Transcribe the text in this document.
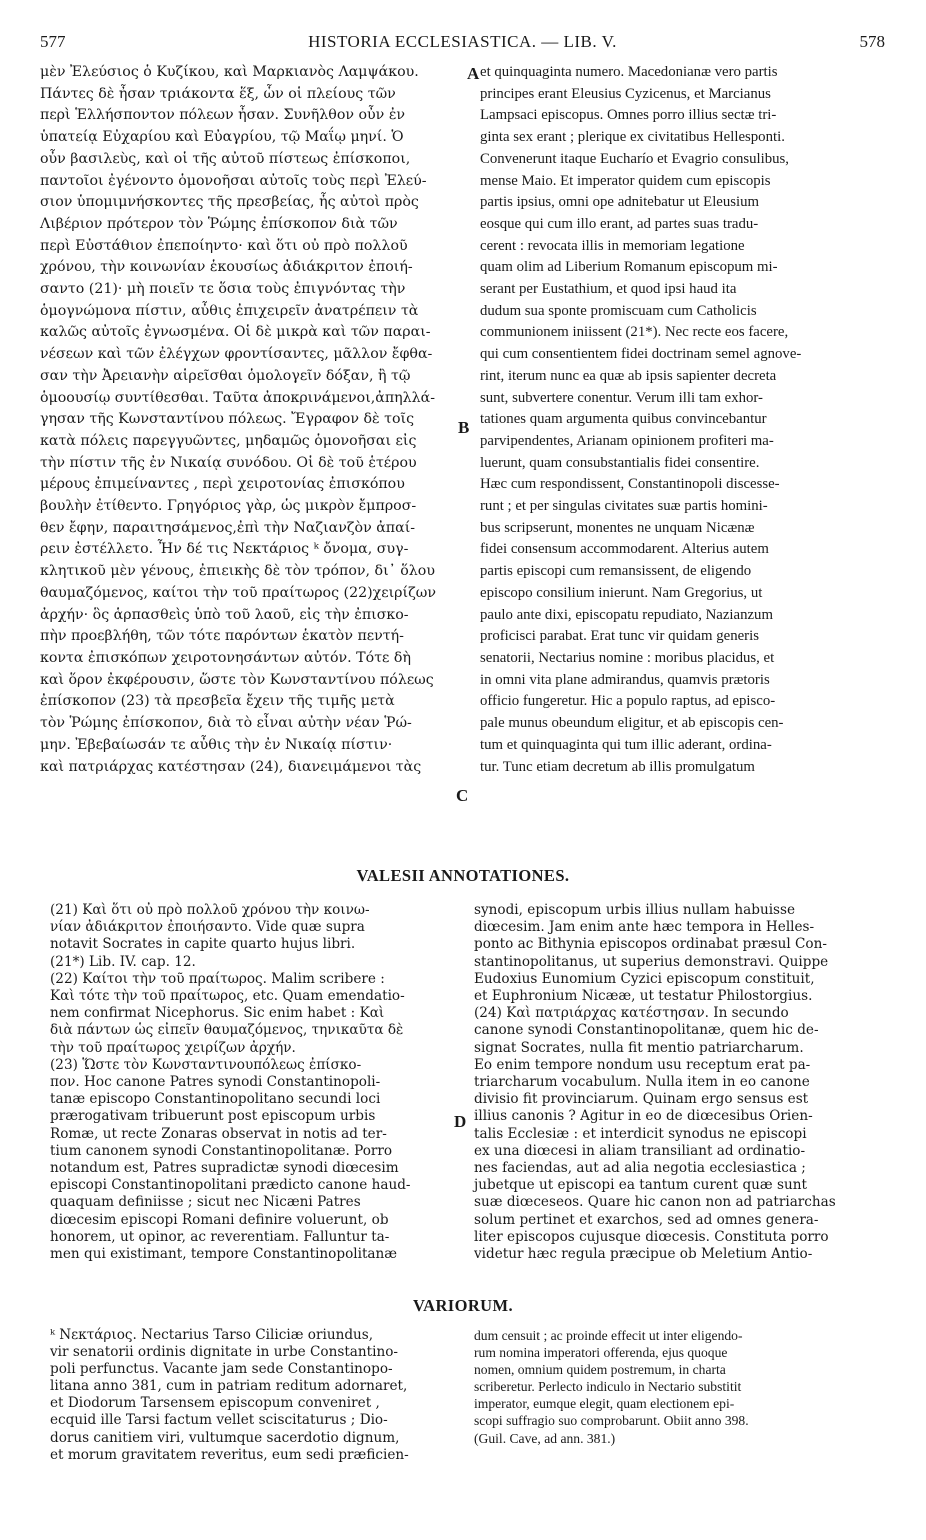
577	HISTORIA ECCLESIASTICA. — LIB. V.	578

μὲν Ἐλεύσιος ὁ Κυζίκου, καὶ Μαρκιανὸς Λαμψάκου.
Πάντες δὲ ἦσαν τριάκοντα ἕξ, ὧν οἱ πλείους τῶν
περὶ Ἑλλήσποντον πόλεων ἦσαν. Συνῆλθον οὖν ἐν
ὑπατείᾳ Εὐχαρίου καὶ Εὐαγρίου, τῷ Μαΐῳ μηνί. Ὁ
οὖν βασιλεὺς, καὶ οἱ τῆς αὐτοῦ πίστεως ἐπίσκοποι,
παντοῖοι ἐγένοντο ὁμονοῆσαι αὐτοῖς τοὺς περὶ Ἐλεύ-
σιον ὑπομιμνήσκοντες τῆς πρεσβείας, ἧς αὐτοὶ πρὸς
Λιβέριον πρότερον τὸν Ῥώμης ἐπίσκοπον διὰ τῶν
περὶ Εὐστάθιον ἐπεποίηντο· καὶ ὅτι οὐ πρὸ πολλοῦ
χρόνου, τὴν κοινωνίαν ἑκουσίως ἀδιάκριτον ἐποιή-
σαντο (21)· μὴ ποιεῖν τε ὅσια τοὺς ἐπιγνόντας τὴν
ὁμογνώμονα πίστιν, αὖθις ἐπιχειρεῖν ἀνατρέπειν τὰ
καλῶς αὐτοῖς ἐγνωσμένα. Οἱ δὲ μικρὰ καὶ τῶν παραι-
νέσεων καὶ τῶν ἐλέγχων φροντίσαντες, μᾶλλον ἔφθα-
σαν τὴν Ἀρειανὴν αἱρεῖσθαι ὁμολογεῖν δόξαν, ἢ τῷ
ὁμοουσίῳ συντίθεσθαι. Ταῦτα ἀποκρινάμενοι,ἀπηλλά-
γησαν τῆς Κωνσταντίνου πόλεως. Ἔγραφον δὲ τοῖς
κατὰ πόλεις παρεγγυῶντες, μηδαμῶς ὁμονοῆσαι εἰς
τὴν πίστιν τῆς ἐν Νικαίᾳ συνόδου. Οἱ δὲ τοῦ ἑτέρου
μέρους ἐπιμείναντες , περὶ χειροτονίας ἐπισκόπου
βουλὴν ἐτίθεντο. Γρηγόριος γὰρ, ὡς μικρὸν ἔμπροσ-
θεν ἔφην, παραιτησάμενος,ἐπὶ τὴν Ναζιανζὸν ἀπαί-
ρειν ἐστέλλετο. Ἦν δέ τις Νεκτάριος ᵏ ὄνομα, συγ-
κλητικοῦ μὲν γένους, ἐπιεικὴς δὲ τὸν τρόπον, δι᾽ ὅλου
θαυμαζόμενος, καίτοι τὴν τοῦ πραίτωρος (22)χειρίζων
ἀρχήν· ὃς ἁρπασθεὶς ὑπὸ τοῦ λαοῦ, εἰς τὴν ἐπισκο-
πὴν προεβλήθη, τῶν τότε παρόντων ἑκατὸν πεντή-
κοντα ἐπισκόπων χειροτονησάντων αὐτόν. Τότε δὴ
καὶ ὅρον ἐκφέρουσιν, ὥστε τὸν Κωνσταντίνου πόλεως
ἐπίσκοπον (23) τὰ πρεσβεῖα ἔχειν τῆς τιμῆς μετὰ
τὸν Ῥώμης ἐπίσκοπον, διὰ τὸ εἶναι αὐτὴν νέαν Ῥώ-
μην. Ἐβεβαίωσάν τε αὖθις τὴν ἐν Νικαίᾳ πίστιν·
καὶ πατριάρχας κατέστησαν (24), διανειμάμενοι τὰς

et quinquaginta numero. Macedonianæ vero partis
principes erant Eleusius Cyzicenus, et Marcianus
Lampsaci episcopus. Omnes porro illius sectæ tri-
ginta sex erant ; plerique ex civitatibus Hellesponti.
Convenerunt itaque Eucharío et Evagrio consulibus,
mense Maio. Et imperator quidem cum episcopis
partis ipsius, omni ope adnitebatur ut Eleusium
eosque qui cum illo erant, ad partes suas tradu-
cerent : revocata illis in memoriam legatione
quam olim ad Liberium Romanum episcopum mi-
serant per Eustathium, et quod ipsi haud ita
dudum sua sponte promiscuam cum Catholicis
communionem iniissent (21*). Nec recte eos facere,
qui cum consentientem fidei doctrinam semel agnove-
rint, iterum nunc ea quæ ab ipsis sapienter decreta
sunt, subvertere conentur. Verum illi tam exhor-
tationes quam argumenta quibus convincebantur
parvipendentes, Arianam opinionem profiteri ma-
luerunt, quam consubstantialis fidei consentire.
Hæc cum respondissent, Constantinopoli discesse-
runt ; et per singulas civitates suæ partis homini-
bus scripserunt, monentes ne unquam Nicænæ
fidei consensum accommodarent. Alterius autem
partis episcopi cum remansissent, de eligendo
episcopo consilium inierunt. Nam Gregorius, ut
paulo ante dixi, episcopatu repudiato, Nazianzum
proficisci parabat. Erat tunc vir quidam generis
senatorii, Nectarius nomine : moribus placidus, et
in omni vita plane admirandus, quamvis prætoris
officio fungeretur. Hic a populo raptus, ad episco-
pale munus obeundum eligitur, et ab episcopis cen-
tum et quinquaginta qui tum illic aderant, ordina-
tur. Tunc etiam decretum ab illis promulgatum

A
B
C
D
VALESII ANNOTATIONES.

(21) Καὶ ὅτι οὐ πρὸ πολλοῦ χρόνου τὴν κοινω-
νίαν ἀδιάκριτον ἐποιήσαντο. Vide quæ supra
notavit Socrates in capite quarto hujus libri.
(21*) Lib. IV. cap. 12.
(22) Καίτοι τὴν τοῦ πραίτωρος. Malim scribere :
Καὶ τότε τὴν τοῦ πραίτωρος, etc. Quam emendatio-
nem confirmat Nicephorus. Sic enim habet : Καὶ
διὰ πάντων ὡς εἰπεῖν θαυμαζόμενος, τηνικαῦτα δὲ
τὴν τοῦ πραίτωρος χειρίζων ἀρχήν.
(23) Ὥστε τὸν Κωνσταντινουπόλεως ἐπίσκο-
πον. Hoc canone Patres synodi Constantinopoli-
tanæ episcopo Constantinopolitano secundi loci
prærogativam tribuerunt post episcopum urbis
Romæ, ut recte Zonaras observat in notis ad ter-
tium canonem synodi Constantinopolitanæ. Porro
notandum est, Patres supradictæ synodi diœcesim
episcopi Constantinopolitani prædicto canone haud-
quaquam definiisse ; sicut nec Nicæni Patres
diœcesim episcopi Romani definire voluerunt, ob
honorem, ut opinor, ac reverentiam. Falluntur ta-
men qui existimant, tempore Constantinopolitanæ

synodi, episcopum urbis illius nullam habuisse
diœcesim. Jam enim ante hæc tempora in Helles-
ponto ac Bithynia episcopos ordinabat præsul Con-
stantinopolitanus, ut superius demonstravi. Quippe
Eudoxius Eunomium Cyzici episcopum constituit,
et Euphronium Nicææ, ut testatur Philostorgius.
(24) Καὶ πατριάρχας κατέστησαν. In secundo
canone synodi Constantinopolitanæ, quem hic de-
signat Socrates, nulla fit mentio patriarcharum.
Eo enim tempore nondum usu receptum erat pa-
triarcharum vocabulum. Nulla item in eo canone
divisio fit provinciarum. Quinam ergo sensus est
illius canonis ? Agitur in eo de diœcesibus Orien-
talis Ecclesiæ : et interdicit synodus ne episcopi
ex una diœcesi in aliam transiliant ad ordinatio-
nes faciendas, aut ad alia negotia ecclesiastica ;
jubetque ut episcopi ea tantum curent quæ sunt
suæ diœceseos. Quare hic canon non ad patriarchas
solum pertinet et exarchos, sed ad omnes genera-
liter episcopos cujusque diœcesis. Constituta porro
videtur hæc regula præcipue ob Meletium Antio-

VARIORUM.

ᵏ Νεκτάριος. Nectarius Tarso Ciliciæ oriundus,
vir senatorii ordinis dignitate in urbe Constantino-
poli perfunctus. Vacante jam sede Constantinopo-
litana anno 381, cum in patriam reditum adornaret,
et Diodorum Tarsensem episcopum conveniret ,
ecquid ille Tarsi factum vellet sciscitaturus ; Dio-
dorus canitiem viri, vultumque sacerdotio dignum,
et morum gravitatem reveritus, eum sedi præficien-

dum censuit ; ac proinde effecit ut inter eligendo-
rum nomina imperatori offerenda, ejus quoque
nomen, omnium quidem postremum, in charta
scriberetur. Perlecto indiculo in Nectario substitit
imperator, eumque elegit, quam electionem epi-
scopi suffragio suo comprobarunt. Obiit anno 398.
(Guil. Cave, ad ann. 381.)
